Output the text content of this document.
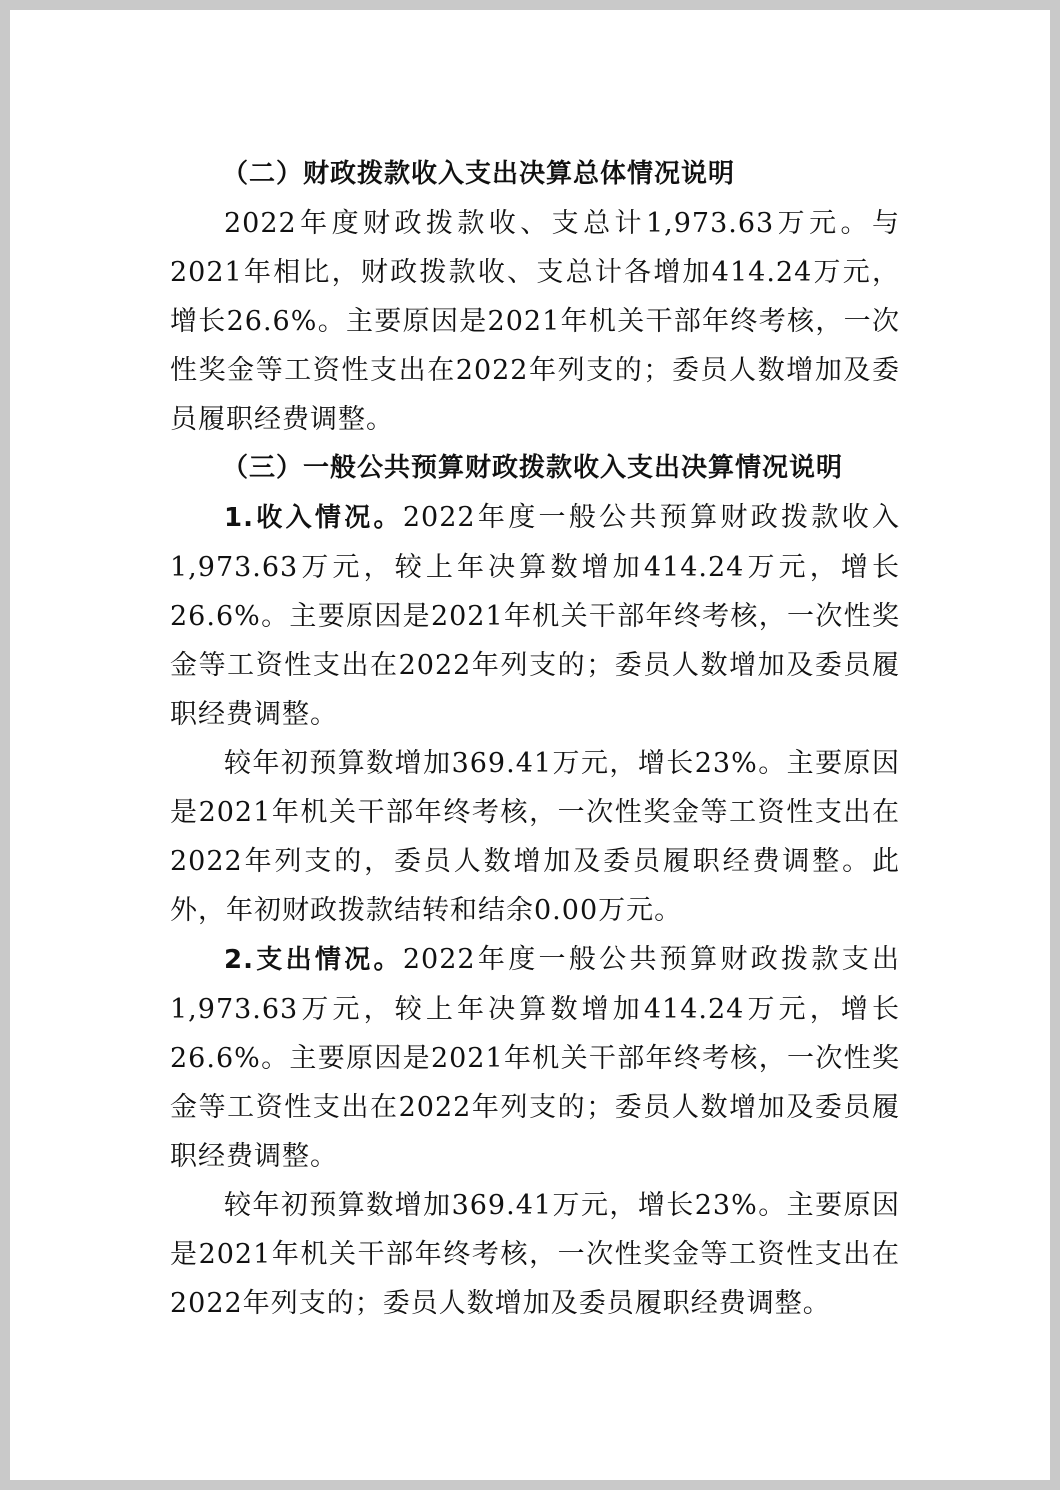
（二）财政拨款收入支出决算总体情况说明

2022年度财政拨款收、支总计1,973.63万元。与2021年相比，财政拨款收、支总计各增加414.24万元，增长26.6%。主要原因是2021年机关干部年终考核，一次性奖金等工资性支出在2022年列支的；委员人数增加及委员履职经费调整。

（三）一般公共预算财政拨款收入支出决算情况说明

1.收入情况。2022年度一般公共预算财政拨款收入1,973.63万元，较上年决算数增加414.24万元，增长26.6%。主要原因是2021年机关干部年终考核，一次性奖金等工资性支出在2022年列支的；委员人数增加及委员履职经费调整。

较年初预算数增加369.41万元，增长23%。主要原因是2021年机关干部年终考核，一次性奖金等工资性支出在2022年列支的，委员人数增加及委员履职经费调整。此外，年初财政拨款结转和结余0.00万元。

2.支出情况。2022年度一般公共预算财政拨款支出1,973.63万元，较上年决算数增加414.24万元，增长26.6%。主要原因是2021年机关干部年终考核，一次性奖金等工资性支出在2022年列支的；委员人数增加及委员履职经费调整。

较年初预算数增加369.41万元，增长23%。主要原因是2021年机关干部年终考核，一次性奖金等工资性支出在2022年列支的；委员人数增加及委员履职经费调整。
